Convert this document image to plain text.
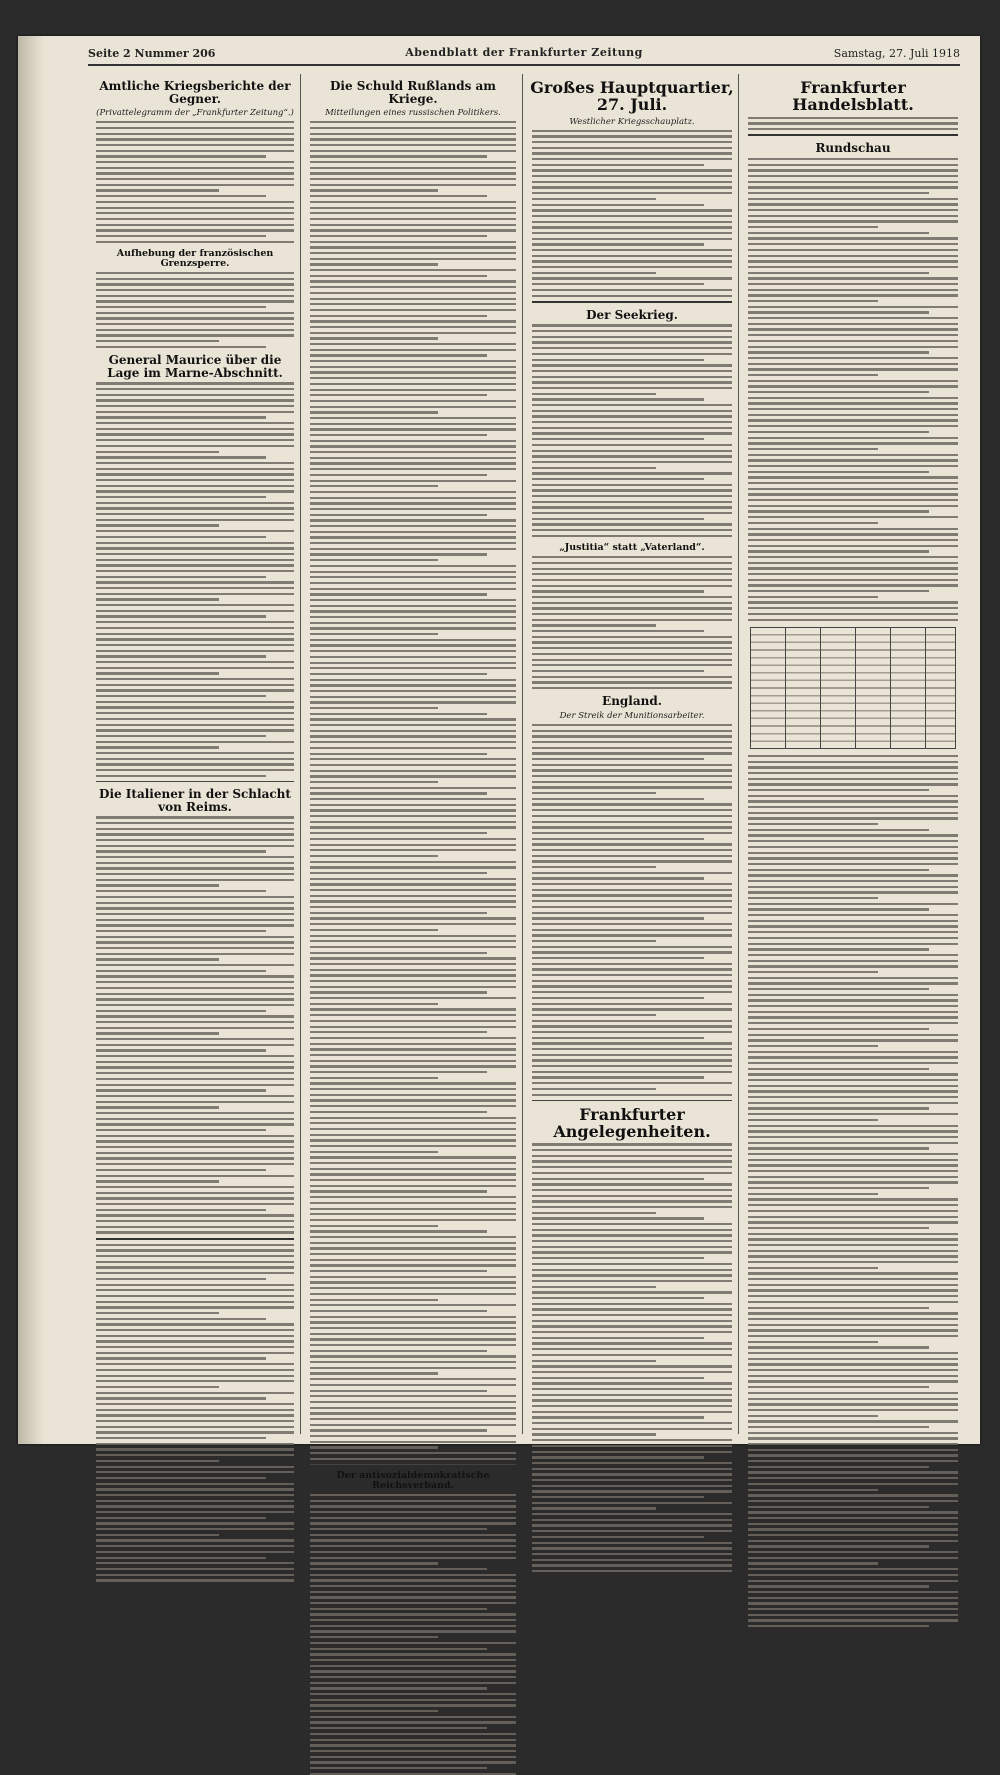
Seite 2 Nummer 206	Abendblatt der Frankfurter Zeitung	Samstag, 27. Juli 1918
Amtliche Kriegsberichte der Gegner.
(Privattelegramm der „Frankfurter Zeitung“.)
Aufhebung der französischen Grenzsperre.
General Maurice über die Lage im Marne-Abschnitt.
Die Italiener in der Schlacht von Reims.
Die Schuld Rußlands am Kriege.
Mitteilungen eines russischen Politikers.
Der antisozialdemokratische Reichsverband.
Großes Hauptquartier, 27. Juli.
Westlicher Kriegsschauplatz.
Der Seekrieg.
„Justitia“ statt „Vaterland“.
England.
Der Streik der Munitionsarbeiter.
Frankfurter Angelegenheiten.
Frankfurter Handelsblatt.
Rundschau
